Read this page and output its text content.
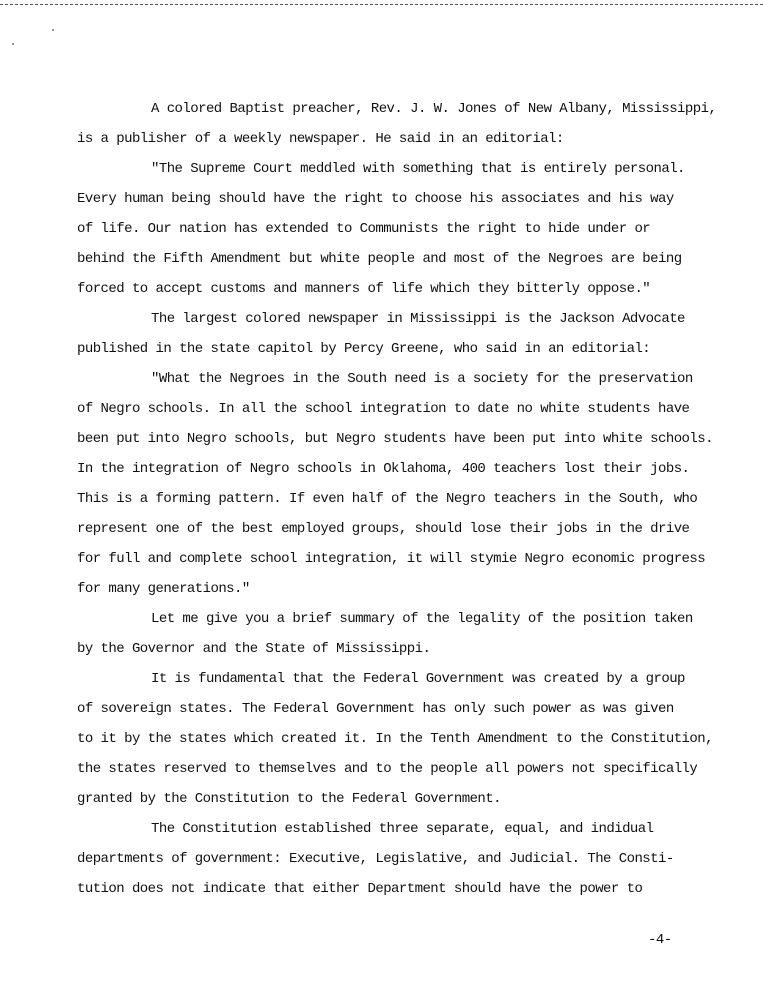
A colored Baptist preacher, Rev. J. W. Jones of New Albany, Mississippi,
is a publisher of a weekly newspaper. He said in an editorial:
"The Supreme Court meddled with something that is entirely personal.
Every human being should have the right to choose his associates and his way
of life. Our nation has extended to Communists the right to hide under or
behind the Fifth Amendment but white people and most of the Negroes are being
forced to accept customs and manners of life which they bitterly oppose."
The largest colored newspaper in Mississippi is the Jackson Advocate
published in the state capitol by Percy Greene, who said in an editorial:
"What the Negroes in the South need is a society for the preservation
of Negro schools. In all the school integration to date no white students have
been put into Negro schools, but Negro students have been put into white schools.
In the integration of Negro schools in Oklahoma, 400 teachers lost their jobs.
This is a forming pattern. If even half of the Negro teachers in the South, who
represent one of the best employed groups, should lose their jobs in the drive
for full and complete school integration, it will stymie Negro economic progress
for many generations."
Let me give you a brief summary of the legality of the position taken
by the Governor and the State of Mississippi.
It is fundamental that the Federal Government was created by a group
of sovereign states. The Federal Government has only such power as was given
to it by the states which created it. In the Tenth Amendment to the Constitution,
the states reserved to themselves and to the people all powers not specifically
granted by the Constitution to the Federal Government.
The Constitution established three separate, equal, and indidual
departments of government: Executive, Legislative, and Judicial. The Consti-
tution does not indicate that either Department should have the power to
-4-
